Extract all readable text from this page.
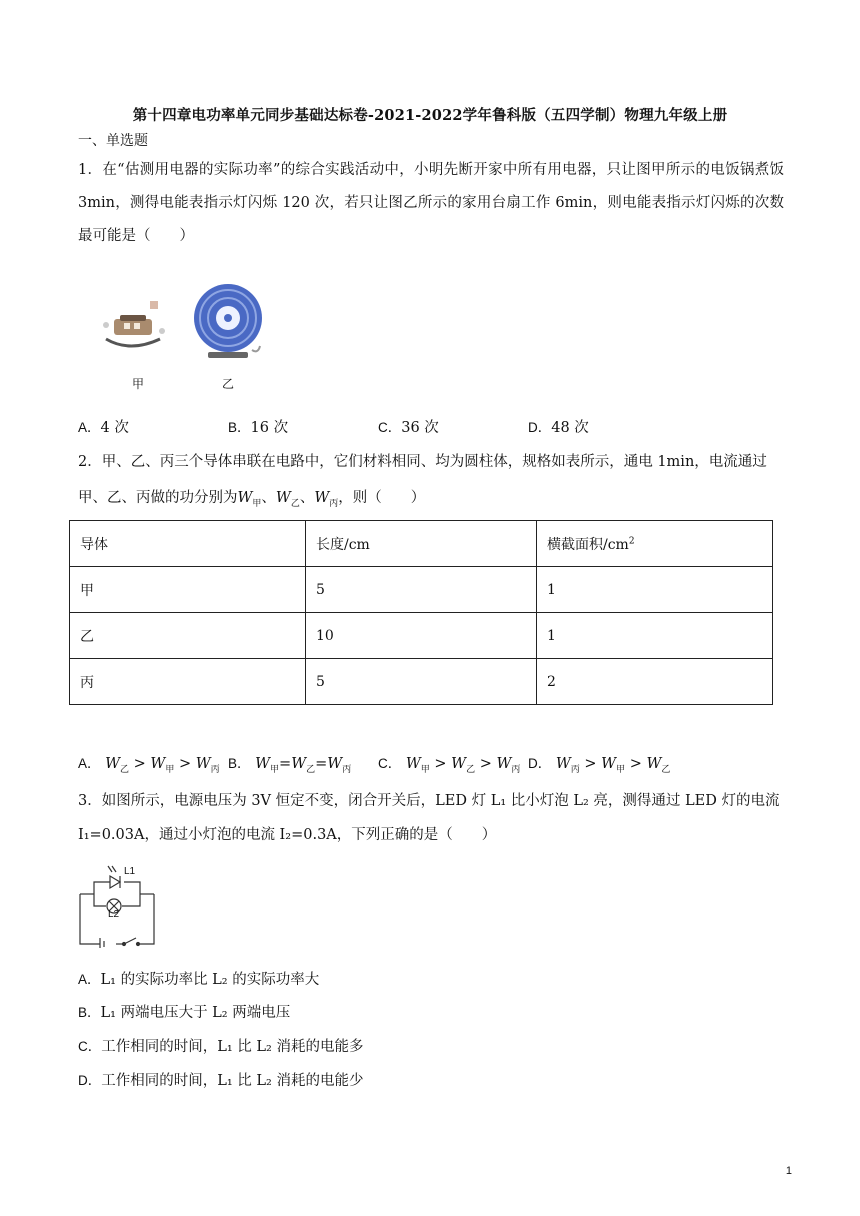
第十四章电功率单元同步基础达标卷-2021-2022学年鲁科版（五四学制）物理九年级上册
一、单选题
1．在“估测用电器的实际功率”的综合实践活动中，小明先断开家中所有用电器，只让图甲所示的电饭锅煮饭 3min，测得电能表指示灯闪烁 120 次，若只让图乙所示的家用台扇工作 6min，则电能表指示灯闪烁的次数最可能是（　　）
甲	乙
A．4 次	B．16 次	C．36 次	D．48 次
2．甲、乙、丙三个导体串联在电路中，它们材料相同、均为圆柱体，规格如表所示，通电 1min，电流通过
甲、乙、丙做的功分别为$W_甲$、$W_乙$、$W_丙$，则（　　）
导体	长度/cm	横截面积$/cm^2$
甲	5	1
乙	10	1
丙	5	2
A． $W_乙 > W_甲 > W_丙$ B． $W_甲=W_乙=W_丙$ C． $W_甲 > W_乙 > W_丙$ D． $W_丙 > W_甲 > W_乙$
3．如图所示，电源电压为 3V 恒定不变，闭合开关后，LED 灯 L₁ 比小灯泡 L₂ 亮，测得通过 LED 灯的电流
I₁=0.03A，通过小灯泡的电流 I₂=0.3A，下列正确的是（　　）
L1
L2
A．L₁ 的实际功率比 L₂ 的实际功率大
B．L₁ 两端电压大于 L₂ 两端电压
C．工作相同的时间，L₁ 比 L₂ 消耗的电能多
D．工作相同的时间，L₁ 比 L₂ 消耗的电能少
1
